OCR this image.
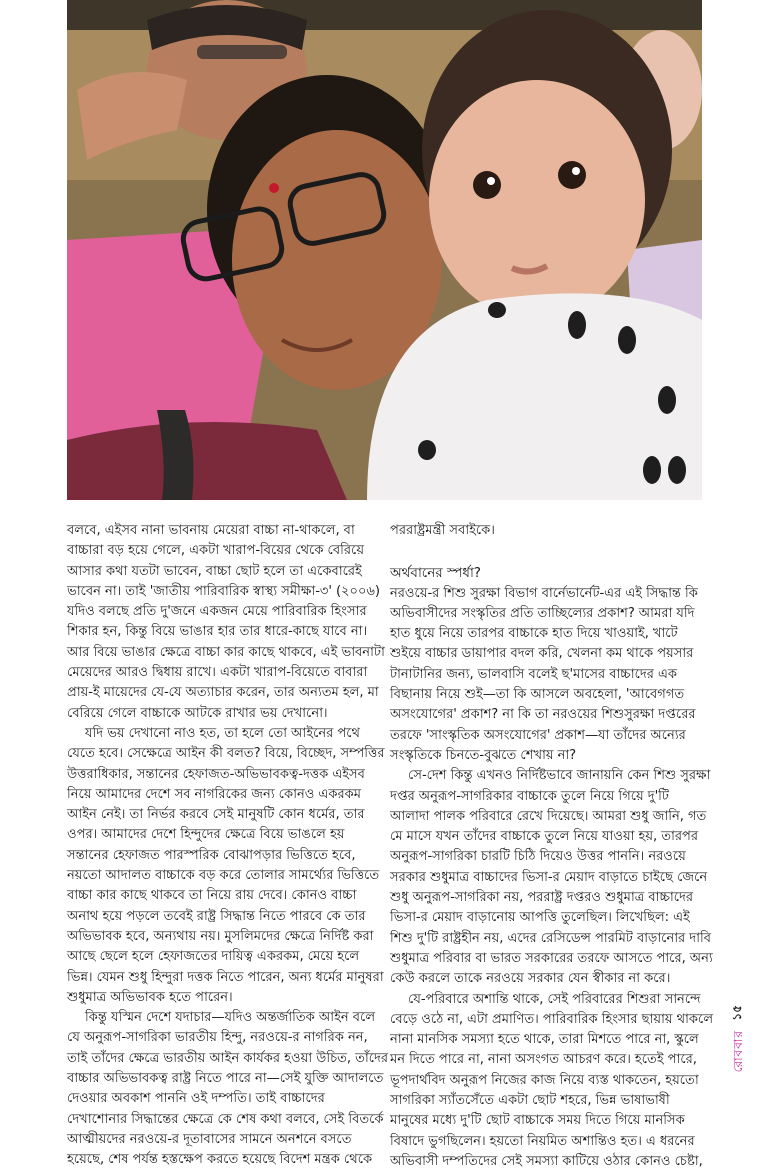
বলবে, এইসব নানা ভাবনায় মেয়েরা বাচ্চা না-থাকলে, বা
বাচ্চারা বড় হয়ে গেলে, একটা খারাপ-বিয়ের থেকে বেরিয়ে
আসার কথা যতটা ভাবেন, বাচ্চা ছোট হলে তা একেবারেই
ভাবেন না। তাই 'জাতীয় পারিবারিক স্বাস্থ্য সমীক্ষা-৩' (২০০৬)
যদিও বলছে প্রতি দু'জনে একজন মেয়ে পারিবারিক হিংসার
শিকার হন, কিন্তু বিয়ে ভাঙার হার তার ধারে-কাছে যাবে না।
আর বিয়ে ভাঙার ক্ষেত্রে বাচ্চা কার কাছে থাকবে, এই ভাবনাটা
মেয়েদের আরও দ্বিধায় রাখে। একটা খারাপ-বিয়েতে বাবারা
প্রায়-ই মায়েদের যে-যে অত্যাচার করেন, তার অন্যতম হল, মা
বেরিয়ে গেলে বাচ্চাকে আটকে রাখার ভয় দেখানো।
যদি ভয় দেখানো নাও হত, তা হলে তো আইনের পথে
যেতে হবে। সেক্ষেত্রে আইন কী বলত? বিয়ে, বিচ্ছেদ, সম্পত্তির
উত্তরাধিকার, সন্তানের হেফাজত-অভিভাবকত্ব-দত্তক এইসব
নিয়ে আমাদের দেশে সব নাগরিকের জন্য কোনও একরকম
আইন নেই। তা নির্ভর করবে সেই মানুষটি কোন ধর্মের, তার
ওপর। আমাদের দেশে হিন্দুদের ক্ষেত্রে বিয়ে ভাঙলে হয়
সন্তানের হেফাজত পারস্পরিক বোঝাপড়ার ভিত্তিতে হবে,
নয়তো আদালত বাচ্চাকে বড় করে তোলার সামর্থ্যের ভিত্তিতে
বাচ্চা কার কাছে থাকবে তা নিয়ে রায় দেবে। কোনও বাচ্চা
অনাথ হয়ে পড়লে তবেই রাষ্ট্র সিদ্ধান্ত নিতে পারবে কে তার
অভিভাবক হবে, অন্যথায় নয়। মুসলিমদের ক্ষেত্রে নির্দিষ্ট করা
আছে ছেলে হলে হেফাজতের দায়িত্ব একরকম, মেয়ে হলে
ভিন্ন। যেমন শুধু হিন্দুরা দত্তক নিতে পারেন, অন্য ধর্মের মানুষরা
শুধুমাত্র অভিভাবক হতে পারেন।
কিন্তু যস্মিন দেশে যদাচার—যদিও অন্তর্জাতিক আইন বলে
যে অনুরূপ-সাগরিকা ভারতীয় হিন্দু, নরওয়ে-র নাগরিক নন,
তাই তাঁদের ক্ষেত্রে ভারতীয় আইন কার্যকর হওয়া উচিত, তাঁদের
বাচ্চার অভিভাবকত্ব রাষ্ট্র নিতে পারে না—সেই যুক্তি আদালতে
দেওয়ার অবকাশ পাননি ওই দম্পতি। তাই বাচ্চাদের
দেখাশোনার সিদ্ধান্তের ক্ষেত্রে কে শেষ কথা বলবে, সেই বিতর্কে
আত্মীয়দের নরওয়ে-র দূতাবাসের সামনে অনশনে বসতে
হয়েছে, শেষ পর্যন্ত হস্তক্ষেপ করতে হয়েছে বিদেশ মন্ত্রক থেকে
পররাষ্ট্রমন্ত্রী সবাইকে।
অর্থবানের স্পর্ধা?
নরওয়ে-র শিশু সুরক্ষা বিভাগ বার্নেভার্নেট-এর এই সিদ্ধান্ত কি
অভিবাসীদের সংস্কৃতির প্রতি তাচ্ছিল্যের প্রকাশ? আমরা যদি
হাত ধুয়ে নিয়ে তারপর বাচ্চাকে হাত দিয়ে খাওয়াই, খাটে
শুইয়ে বাচ্চার ডায়াপার বদল করি, খেলনা কম থাকে পয়সার
টানাটানির জন্য, ভালবাসি বলেই ছ'মাসের বাচ্চাদের এক
বিছানায় নিয়ে শুই—তা কি আসলে অবহেলা, 'আবেগগত
অসংযোগের' প্রকাশ? না কি তা নরওয়ের শিশুসুরক্ষা দপ্তরের
তরফে 'সাংস্কৃতিক অসংযোগের' প্রকাশ—যা তাঁদের অন্যের
সংস্কৃতিকে চিনতে-বুঝতে শেখায় না?
সে-দেশ কিন্তু এখনও নির্দিষ্টভাবে জানায়নি কেন শিশু সুরক্ষা
দপ্তর অনুরূপ-সাগরিকার বাচ্চাকে তুলে নিয়ে গিয়ে দু'টি
আলাদা পালক পরিবারে রেখে দিয়েছে। আমরা শুধু জানি, গত
মে মাসে যখন তাঁদের বাচ্চাকে তুলে নিয়ে যাওয়া হয়, তারপর
অনুরূপ-সাগরিকা চারটি চিঠি দিয়েও উত্তর পাননি। নরওয়ে
সরকার শুধুমাত্র বাচ্চাদের ভিসা-র মেয়াদ বাড়াতে চাইছে জেনে
শুধু অনুরূপ-সাগরিকা নয়, পররাষ্ট্র দপ্তরও শুধুমাত্র বাচ্চাদের
ভিসা-র মেয়াদ বাড়ানোয় আপত্তি তুলেছিল। লিখেছিল: এই
শিশু দু'টি রাষ্ট্রহীন নয়, এদের রেসিডেন্স পারমিট বাড়ানোর দাবি
শুধুমাত্র পরিবার বা ভারত সরকারের তরফে আসতে পারে, অন্য
কেউ করলে তাকে নরওয়ে সরকার যেন স্বীকার না করে।
যে-পরিবারে অশান্তি থাকে, সেই পরিবারের শিশুরা সানন্দে
বেড়ে ওঠে না, এটা প্রমাণিত। পারিবারিক হিংসার ছায়ায় থাকলে
নানা মানসিক সমস্যা হতে থাকে, তারা মিশতে পারে না, স্কুলে
মন দিতে পারে না, নানা অসংগত আচরণ করে। হতেই পারে,
ভূপদার্থবিদ অনুরূপ নিজের কাজ নিয়ে ব্যস্ত থাকতেন, হয়তো
সাগরিকা স্যাঁতসেঁতে একটা ছোট শহরে, ভিন্ন ভাষাভাষী
মানুষের মধ্যে দু'টি ছোট বাচ্চাকে সময় দিতে গিয়ে মানসিক
বিষাদে ভুগছিলেন। হয়তো নিয়মিত অশান্তিও হত। এ ধরনের
অভিবাসী দম্পতিদের সেই সমস্যা কাটিয়ে ওঠার কোনও চেষ্টা,
১৫
রোববার
